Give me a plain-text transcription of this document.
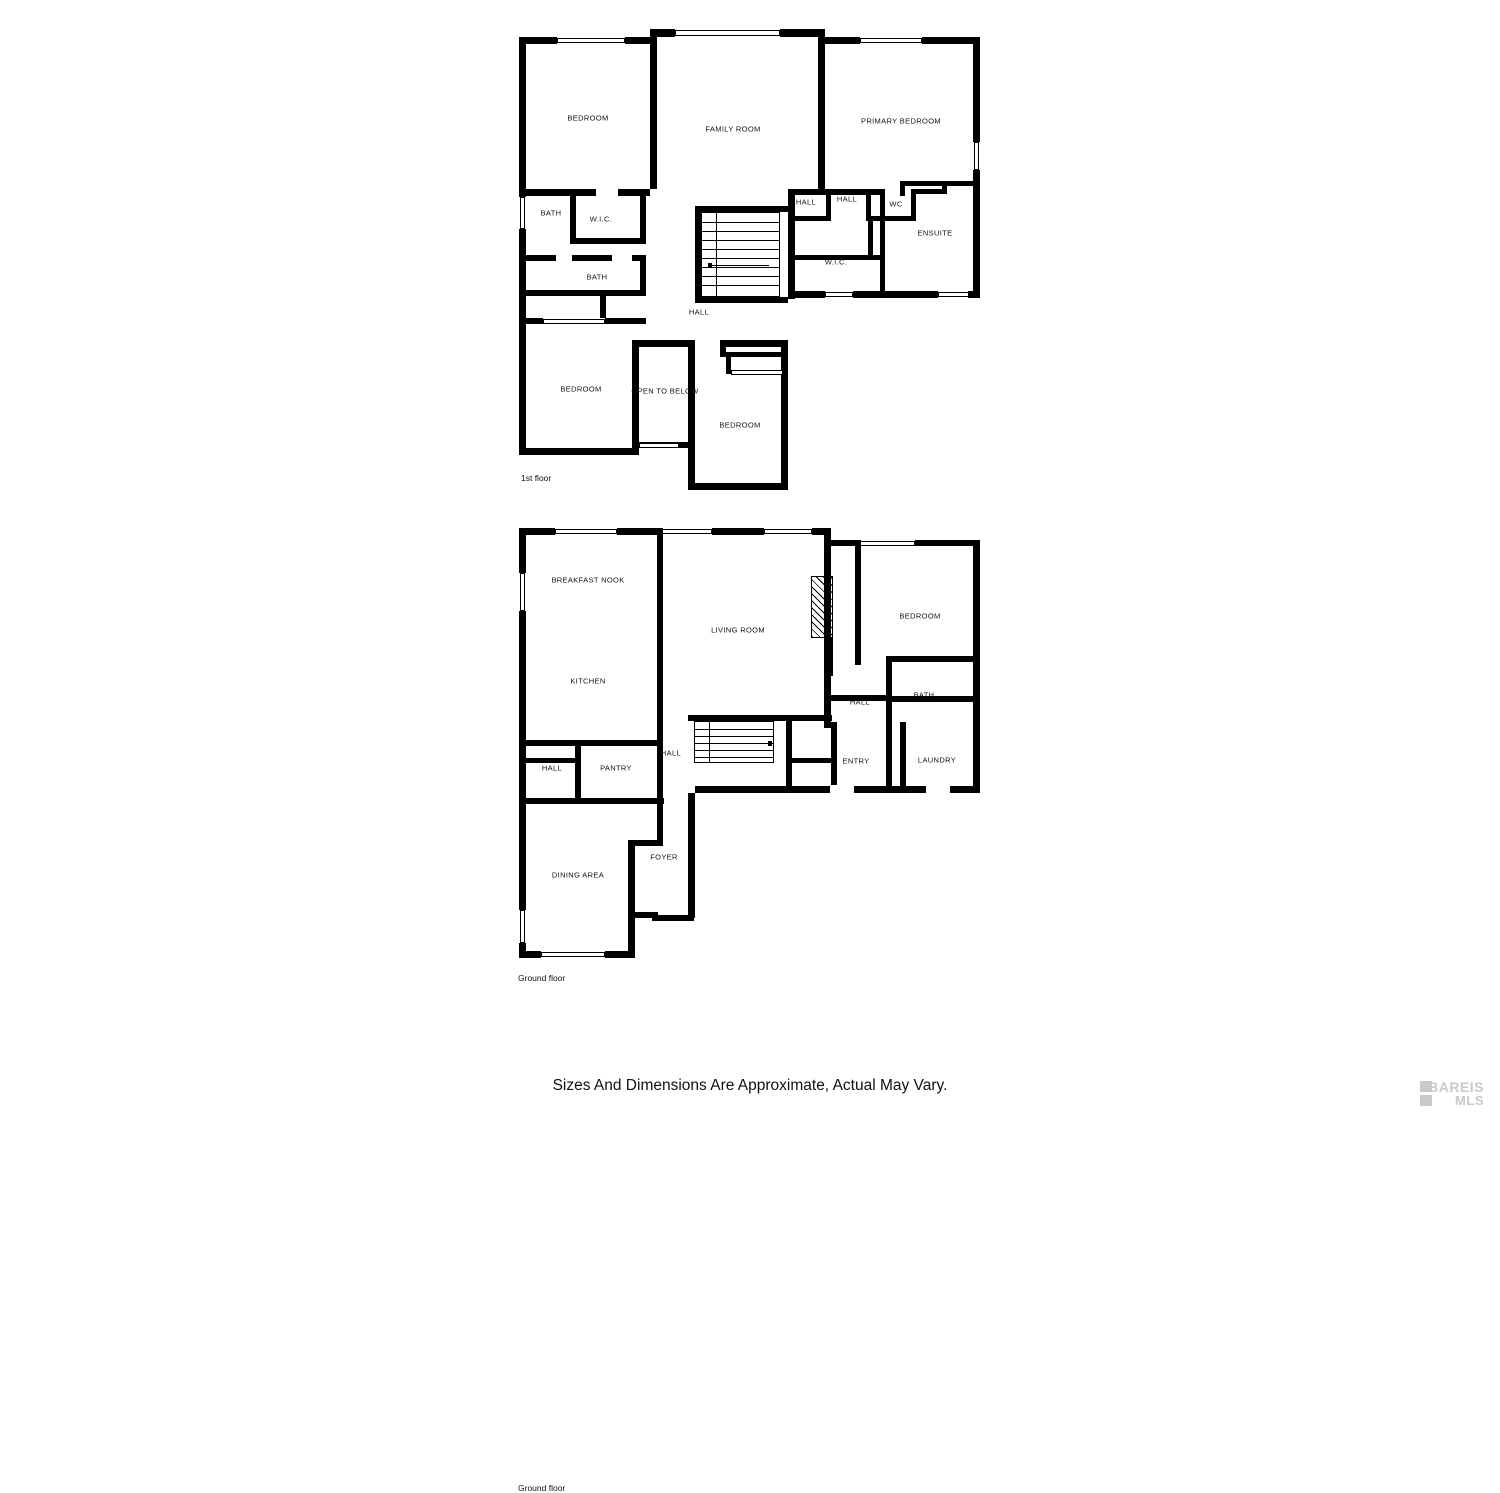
BEDROOM
FAMILY ROOM
PRIMARY BEDROOM
BATH
W.I.C.
HALL	HALL
WC
ENSUITE
BATH
W.I.C.
HALL
BEDROOM	OPEN TO BELOW
BEDROOM
1st floor
BREAKFAST NOOK
LIVING ROOM
BEDROOM
KITCHEN
HALL
BATH
HALL	PANTRY
HALL
ENTRY	LAUNDRY
FOYER
DINING AREA
Ground floor
Ground floor
Sizes And Dimensions Are Approximate, Actual May Vary.	BAREIS
MLS
